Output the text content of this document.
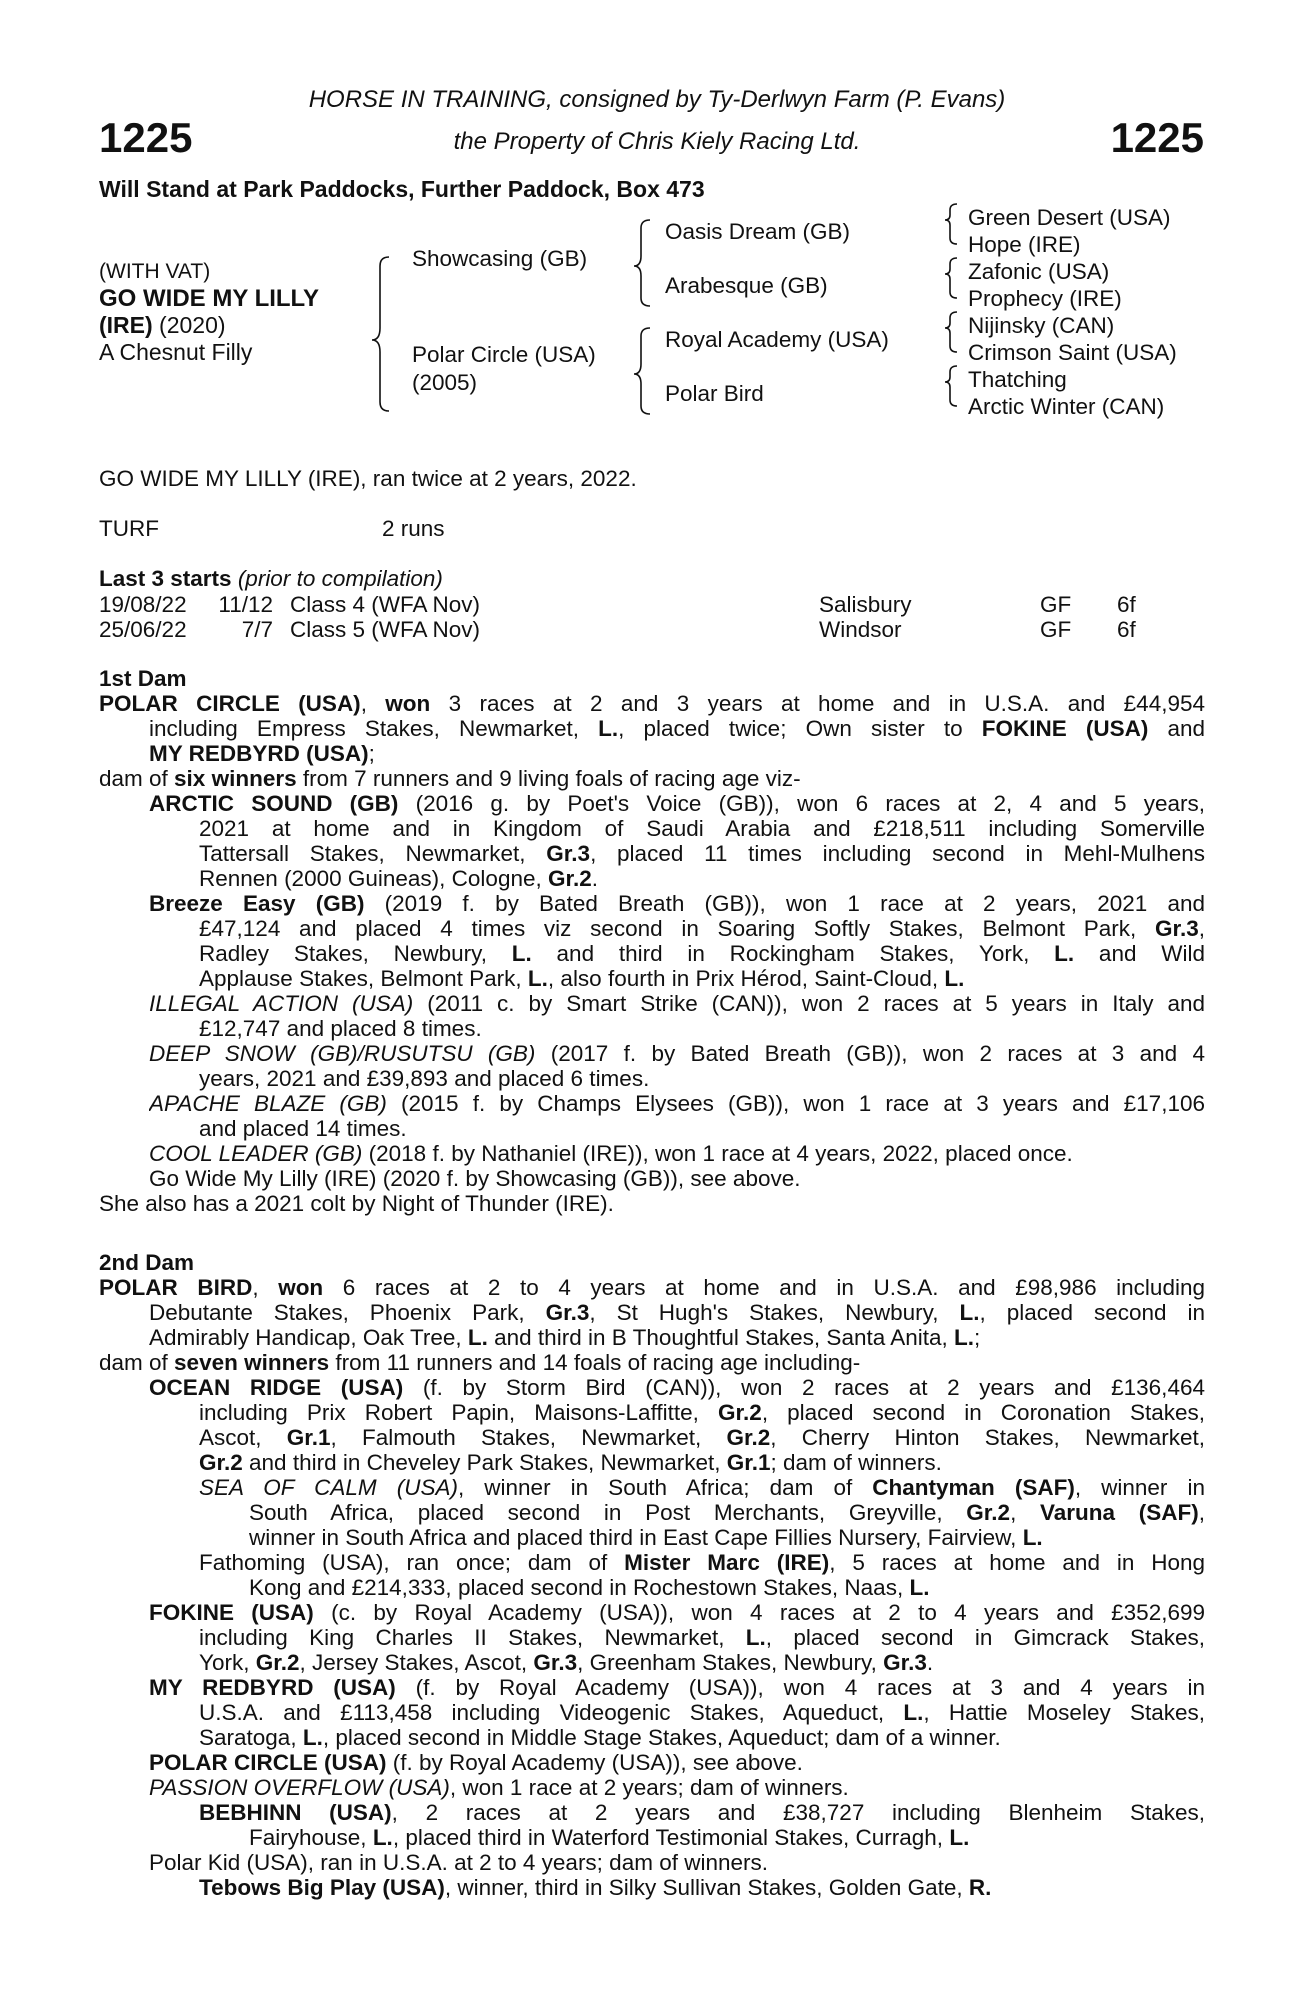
1225	1225
HORSE IN TRAINING, consigned by Ty-Derlwyn Farm (P. Evans)
the Property of Chris Kiely Racing Ltd.
Will Stand at Park Paddocks, Further Paddock, Box 473
(WITH VAT)
GO WIDE MY LILLY
(IRE) (2020)
A Chesnut Filly
Showcasing (GB)
Polar Circle (USA)
(2005)
Oasis Dream (GB)
Arabesque (GB)
Royal Academy (USA)
Polar Bird
Green Desert (USA)
Hope (IRE)
Zafonic (USA)
Prophecy (IRE)
Nijinsky (CAN)
Crimson Saint (USA)
Thatching
Arctic Winter (CAN)
GO WIDE MY LILLY (IRE), ran twice at 2 years, 2022.
TURF	2 runs
Last 3 starts (prior to compilation)
19/08/22	11/12 Class 4 (WFA Nov)	Salisbury	GF 6f
25/06/22	7/7 Class 5 (WFA Nov)	Windsor	GF 6f
1st Dam
POLAR CIRCLE (USA), won 3 races at 2 and 3 years at home and in U.S.A. and £44,954
including Empress Stakes, Newmarket, L., placed twice; Own sister to FOKINE (USA) and
MY REDBYRD (USA);
dam of six winners from 7 runners and 9 living foals of racing age viz-
ARCTIC SOUND (GB) (2016 g. by Poet's Voice (GB)), won 6 races at 2, 4 and 5 years,
2021 at home and in Kingdom of Saudi Arabia and £218,511 including Somerville
Tattersall Stakes, Newmarket, Gr.3, placed 11 times including second in Mehl-Mulhens
Rennen (2000 Guineas), Cologne, Gr.2.
Breeze Easy (GB) (2019 f. by Bated Breath (GB)), won 1 race at 2 years, 2021 and
£47,124 and placed 4 times viz second in Soaring Softly Stakes, Belmont Park, Gr.3,
Radley Stakes, Newbury, L. and third in Rockingham Stakes, York, L. and Wild
Applause Stakes, Belmont Park, L., also fourth in Prix Hérod, Saint-Cloud, L.
ILLEGAL ACTION (USA) (2011 c. by Smart Strike (CAN)), won 2 races at 5 years in Italy and
£12,747 and placed 8 times.
DEEP SNOW (GB)/RUSUTSU (GB) (2017 f. by Bated Breath (GB)), won 2 races at 3 and 4
years, 2021 and £39,893 and placed 6 times.
APACHE BLAZE (GB) (2015 f. by Champs Elysees (GB)), won 1 race at 3 years and £17,106
and placed 14 times.
COOL LEADER (GB) (2018 f. by Nathaniel (IRE)), won 1 race at 4 years, 2022, placed once.
Go Wide My Lilly (IRE) (2020 f. by Showcasing (GB)), see above.
She also has a 2021 colt by Night of Thunder (IRE).
2nd Dam
POLAR BIRD, won 6 races at 2 to 4 years at home and in U.S.A. and £98,986 including
Debutante Stakes, Phoenix Park, Gr.3, St Hugh's Stakes, Newbury, L., placed second in
Admirably Handicap, Oak Tree, L. and third in B Thoughtful Stakes, Santa Anita, L.;
dam of seven winners from 11 runners and 14 foals of racing age including-
OCEAN RIDGE (USA) (f. by Storm Bird (CAN)), won 2 races at 2 years and £136,464
including Prix Robert Papin, Maisons-Laffitte, Gr.2, placed second in Coronation Stakes,
Ascot, Gr.1, Falmouth Stakes, Newmarket, Gr.2, Cherry Hinton Stakes, Newmarket,
Gr.2 and third in Cheveley Park Stakes, Newmarket, Gr.1; dam of winners.
SEA OF CALM (USA), winner in South Africa; dam of Chantyman (SAF), winner in
South Africa, placed second in Post Merchants, Greyville, Gr.2, Varuna (SAF),
winner in South Africa and placed third in East Cape Fillies Nursery, Fairview, L.
Fathoming (USA), ran once; dam of Mister Marc (IRE), 5 races at home and in Hong
Kong and £214,333, placed second in Rochestown Stakes, Naas, L.
FOKINE (USA) (c. by Royal Academy (USA)), won 4 races at 2 to 4 years and £352,699
including King Charles II Stakes, Newmarket, L., placed second in Gimcrack Stakes,
York, Gr.2, Jersey Stakes, Ascot, Gr.3, Greenham Stakes, Newbury, Gr.3.
MY REDBYRD (USA) (f. by Royal Academy (USA)), won 4 races at 3 and 4 years in
U.S.A. and £113,458 including Videogenic Stakes, Aqueduct, L., Hattie Moseley Stakes,
Saratoga, L., placed second in Middle Stage Stakes, Aqueduct; dam of a winner.
POLAR CIRCLE (USA) (f. by Royal Academy (USA)), see above.
PASSION OVERFLOW (USA), won 1 race at 2 years; dam of winners.
BEBHINN (USA), 2 races at 2 years and £38,727 including Blenheim Stakes,
Fairyhouse, L., placed third in Waterford Testimonial Stakes, Curragh, L.
Polar Kid (USA), ran in U.S.A. at 2 to 4 years; dam of winners.
Tebows Big Play (USA), winner, third in Silky Sullivan Stakes, Golden Gate, R.
